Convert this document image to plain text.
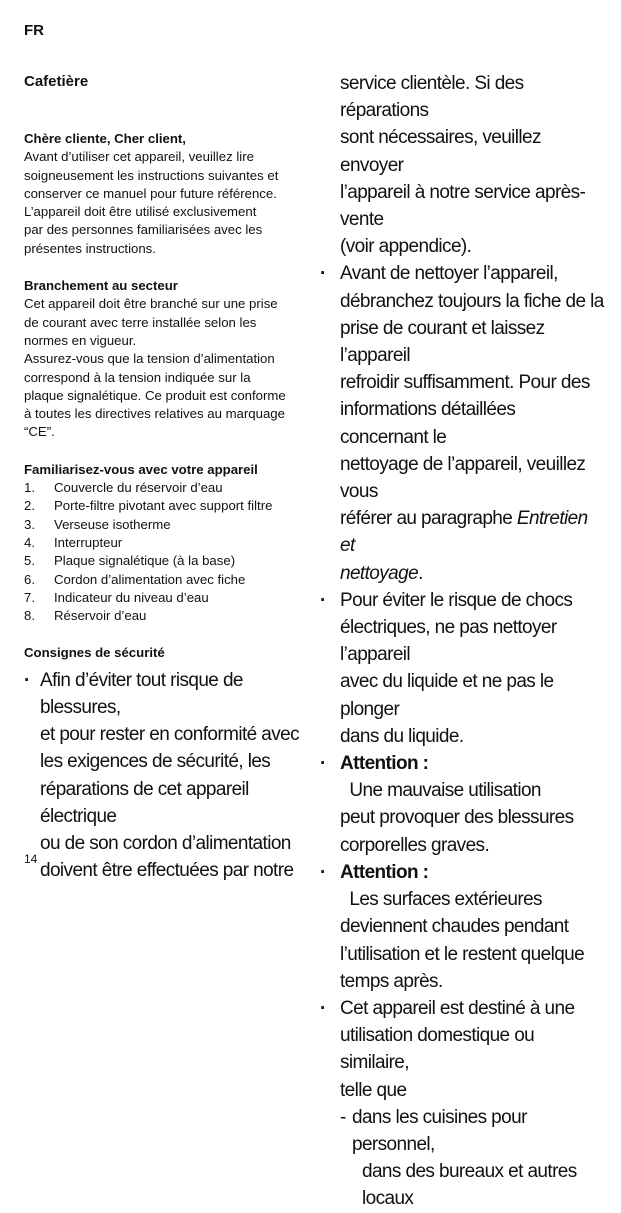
FR
Cafetière
Chère cliente, Cher client,

Avant d’utiliser cet appareil, veuillez lire

soigneusement les instructions suivantes et

conserver ce manuel pour future référence.

L’appareil doit être utilisé exclusivement

par des personnes familiarisées avec les

présentes instructions.

Branchement au secteur

Cet appareil doit être branché sur une prise

de courant avec terre installée selon les

normes en vigueur.

Assurez-vous que la tension d’alimentation

correspond à la tension indiquée sur la

plaque signalétique. Ce produit est conforme

à toutes les directives relatives au marquage

“CE”.

Familiarisez-vous avec votre appareil
1.	Couvercle du réservoir d’eau
2.	Porte-filtre pivotant avec support filtre
3.	Verseuse isotherme
4.	Interrupteur
5.	Plaque signalétique (à la base)
6.	Cordon d’alimentation avec fiche
7.	Indicateur du niveau d’eau
8.	Réservoir d’eau
Consignes de sécurité
· Afin d’éviter tout risque de blessures,
et pour rester en conformité avec
les exigences de sécurité, les
réparations de cet appareil électrique
ou de son cordon d’alimentation
doivent être effectuées par notre
service clientèle. Si des réparations
sont nécessaires, veuillez envoyer
l’appareil à notre service après-vente
(voir appendice).
· Avant de nettoyer l’appareil,
débranchez toujours la fiche de la
prise de courant et laissez l’appareil
refroidir suffisamment. Pour des
informations détaillées concernant le
nettoyage de l’appareil, veuillez vous
référer au paragraphe Entretien et
nettoyage.
· Pour éviter le risque de chocs
électriques, ne pas nettoyer l’appareil
avec du liquide et ne pas le plonger
dans du liquide.
· Attention :  Une mauvaise utilisation
peut provoquer des blessures
corporelles graves.
· Attention :  Les surfaces extérieures
deviennent chaudes pendant
l’utilisation et le restent quelque
temps après.
· Cet appareil est destiné à une
utilisation domestique ou similaire,
telle que
- dans les cuisines pour personnel,
dans des bureaux et autres locaux
14
